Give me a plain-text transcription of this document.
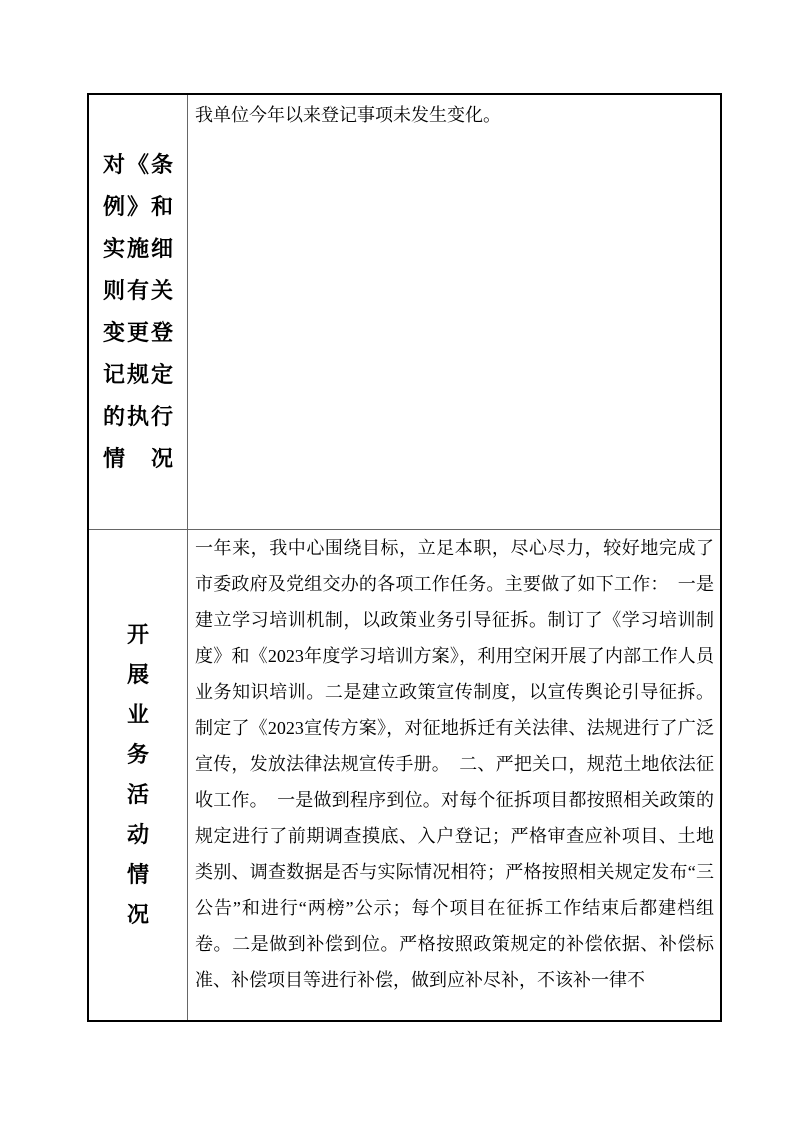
对《条例》和实施细则有关变更登记规定的执行情况
我单位今年以来登记事项未发生变化。
开展业务活动情况
一年来，我中心围绕目标，立足本职，尽心尽力，较好地完成了市委政府及党组交办的各项工作任务。主要做了如下工作：　一是建立学习培训机制，以政策业务引导征拆。制订了《学习培训制度》和《2023年度学习培训方案》，利用空闲开展了内部工作人员业务知识培训。二是建立政策宣传制度，以宣传舆论引导征拆。制定了《2023宣传方案》，对征地拆迁有关法律、法规进行了广泛宣传，发放法律法规宣传手册。　二、严把关口，规范土地依法征收工作。　一是做到程序到位。对每个征拆项目都按照相关政策的规定进行了前期调查摸底、入户登记；严格审查应补项目、土地类别、调查数据是否与实际情况相符；严格按照相关规定发布“三公告”和进行“两榜”公示；每个项目在征拆工作结束后都建档组卷。二是做到补偿到位。严格按照政策规定的补偿依据、补偿标准、补偿项目等进行补偿，做到应补尽补，不该补一律不
